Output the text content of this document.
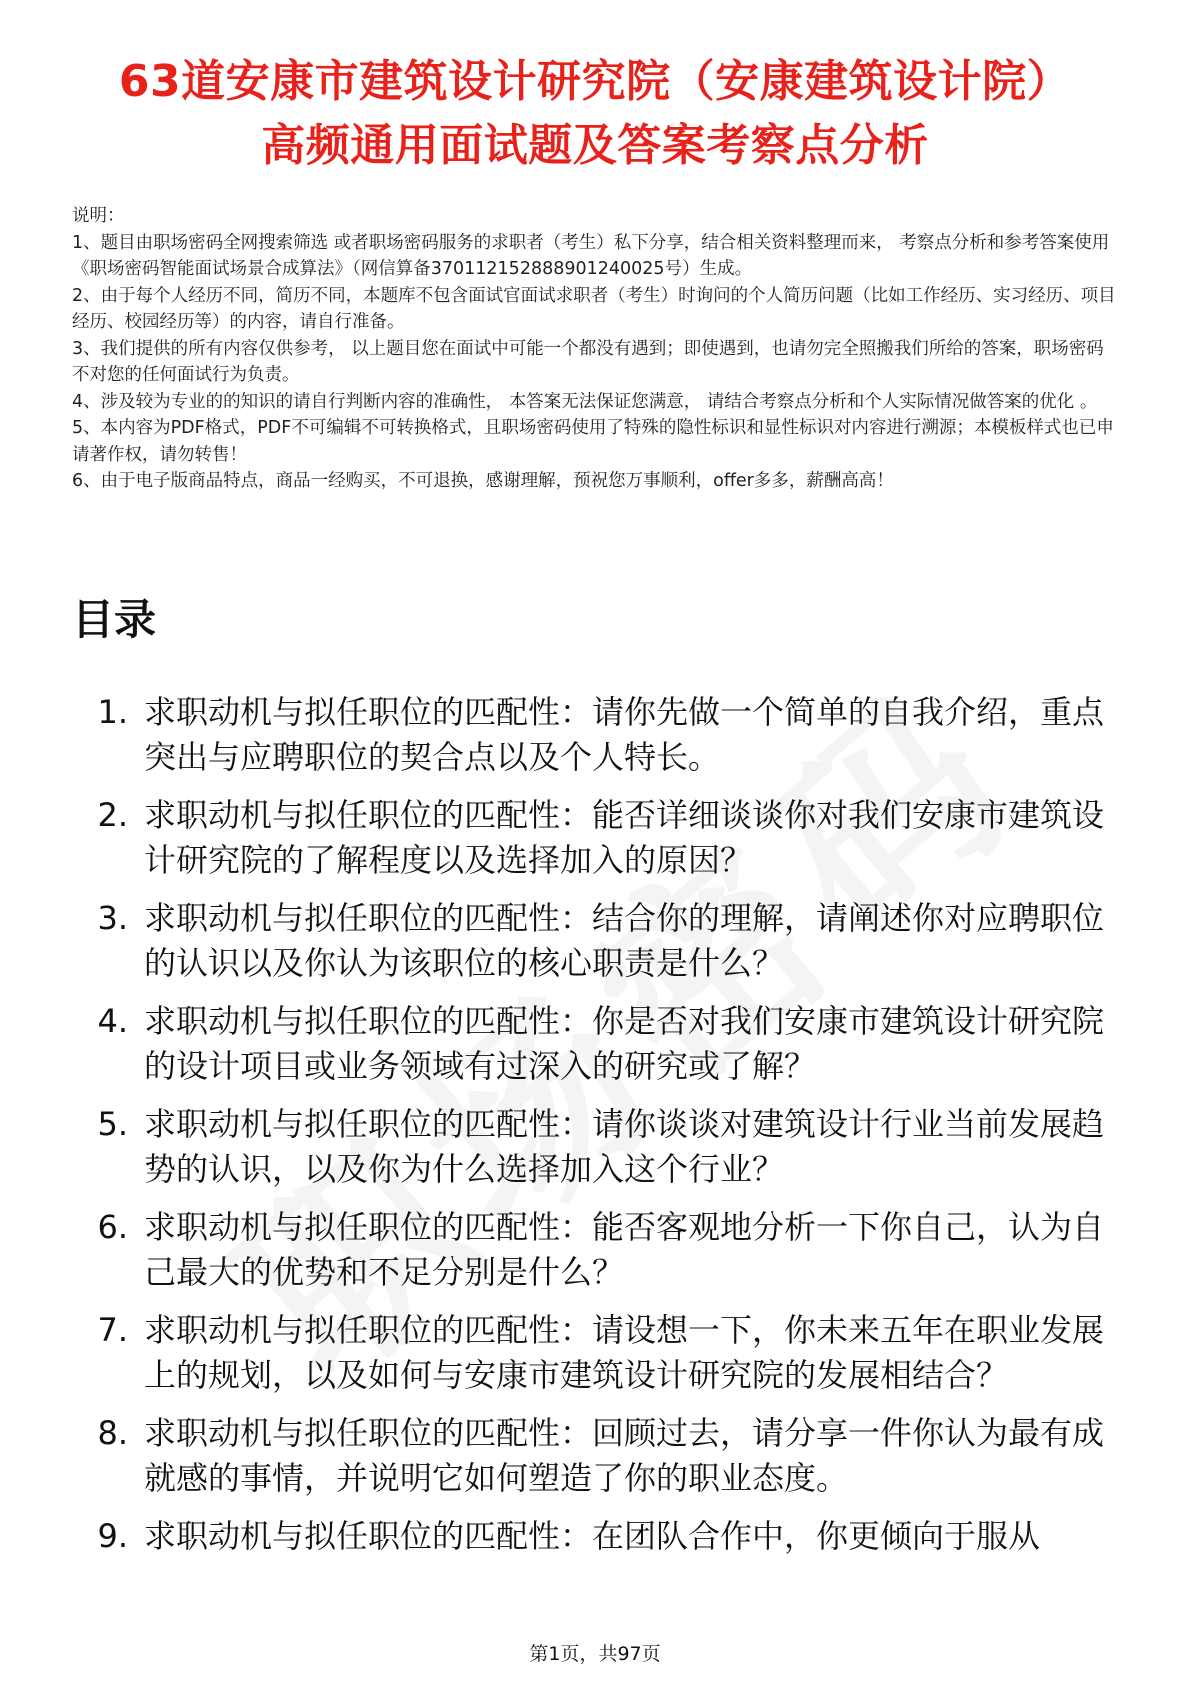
63道安康市建筑设计研究院（安康建筑设计院）高频通用面试题及答案考察点分析

说明：

1、题目由职场密码全网搜索筛选 或者职场密码服务的求职者（考生）私下分享，结合相关资料整理而来， 考察点分析和参考答案使用《职场密码智能面试场景合成算法》（网信算备370112152888901240025号）生成。

2、由于每个人经历不同，简历不同，本题库不包含面试官面试求职者（考生）时询问的个人简历问题（比如工作经历、实习经历、项目经历、校园经历等）的内容，请自行准备。

3、我们提供的所有内容仅供参考， 以上题目您在面试中可能一个都没有遇到；即使遇到，也请勿完全照搬我们所给的答案，职场密码不对您的任何面试行为负责。

4、涉及较为专业的的知识的请自行判断内容的准确性， 本答案无法保证您满意， 请结合考察点分析和个人实际情况做答案的优化 。

5、本内容为PDF格式，PDF不可编辑不可转换格式，且职场密码使用了特殊的隐性标识和显性标识对内容进行溯源；本模板样式也已申请著作权，请勿转售！

6、由于电子版商品特点，商品一经购买，不可退换，感谢理解，预祝您万事顺利，offer多多，薪酬高高！

目录
1. 求职动机与拟任职位的匹配性：请你先做一个简单的自我介绍，重点突出与应聘职位的契合点以及个人特长。
2. 求职动机与拟任职位的匹配性：能否详细谈谈你对我们安康市建筑设计研究院的了解程度以及选择加入的原因？
3. 求职动机与拟任职位的匹配性：结合你的理解，请阐述你对应聘职位的认识以及你认为该职位的核心职责是什么？
4. 求职动机与拟任职位的匹配性：你是否对我们安康市建筑设计研究院的设计项目或业务领域有过深入的研究或了解？
5. 求职动机与拟任职位的匹配性：请你谈谈对建筑设计行业当前发展趋势的认识，以及你为什么选择加入这个行业？
6. 求职动机与拟任职位的匹配性：能否客观地分析一下你自己，认为自己最大的优势和不足分别是什么？
7. 求职动机与拟任职位的匹配性：请设想一下，你未来五年在职业发展上的规划，以及如何与安康市建筑设计研究院的发展相结合？
8. 求职动机与拟任职位的匹配性：回顾过去，请分享一件你认为最有成就感的事情，并说明它如何塑造了你的职业态度。
9. 求职动机与拟任职位的匹配性：在团队合作中，你更倾向于服从
第1页，共97页
